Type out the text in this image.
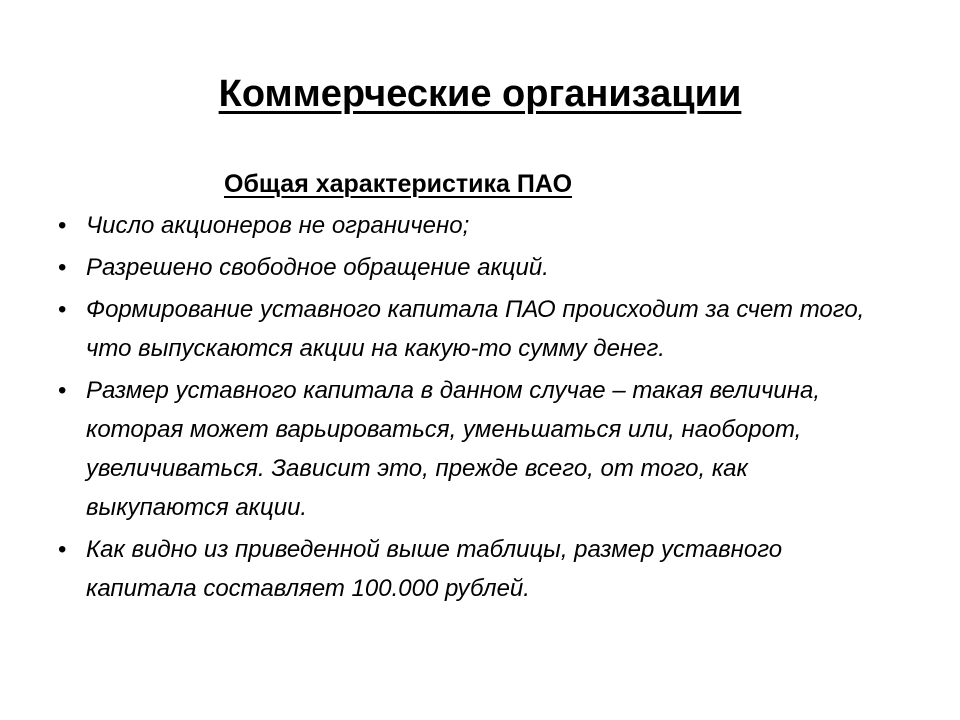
Коммерческие организации
Общая характеристика ПАО
• Число акционеров не ограничено;
• Разрешено свободное обращение акций.
• Формирование уставного капитала ПАО происходит за счет того, что выпускаются акции на какую-то сумму денег.
• Размер уставного капитала в данном случае – такая величина, которая может варьироваться, уменьшаться или, наоборот, увеличиваться. Зависит это, прежде всего, от того, как выкупаются акции.
• Как видно из приведенной выше таблицы, размер уставного капитала составляет 100.000 рублей.
